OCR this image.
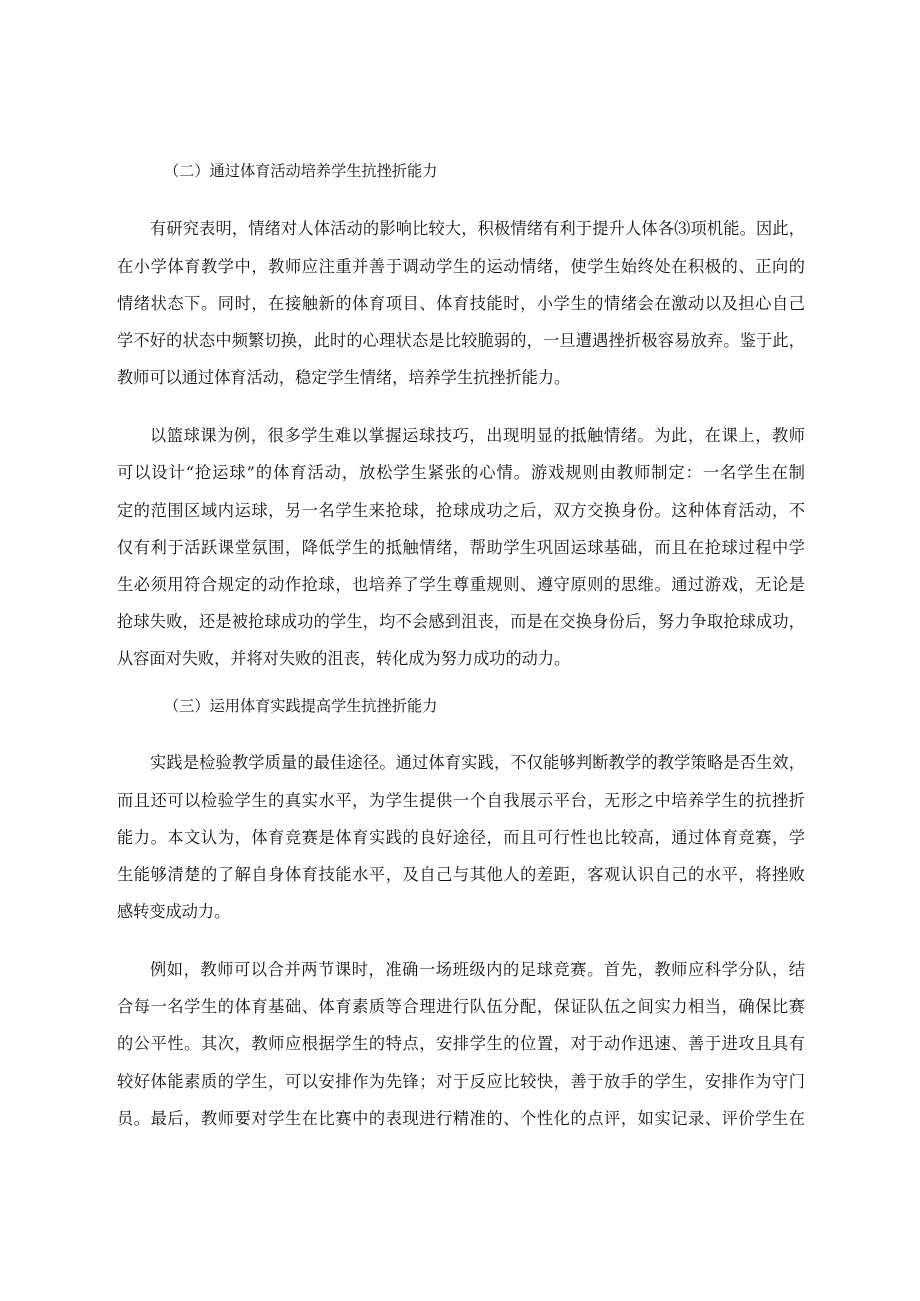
（二）通过体育活动培养学生抗挫折能力
有研究表明，情绪对人体活动的影响比较大，积极情绪有利于提升人体各⑶项机能。因此，
在小学体育教学中，教师应注重并善于调动学生的运动情绪，使学生始终处在积极的、正向的
情绪状态下。同时，在接触新的体育项目、体育技能时，小学生的情绪会在激动以及担心自己
学不好的状态中频繁切换，此时的心理状态是比较脆弱的，一旦遭遇挫折极容易放弃。鉴于此，
教师可以通过体育活动，稳定学生情绪，培养学生抗挫折能力。
以篮球课为例，很多学生难以掌握运球技巧，出现明显的抵触情绪。为此，在课上，教师
可以设计“抢运球”的体育活动，放松学生紧张的心情。游戏规则由教师制定：一名学生在制
定的范围区域内运球，另一名学生来抢球，抢球成功之后，双方交换身份。这种体育活动，不
仅有利于活跃课堂氛围，降低学生的抵触情绪，帮助学生巩固运球基础，而且在抢球过程中学
生必须用符合规定的动作抢球，也培养了学生尊重规则、遵守原则的思维。通过游戏，无论是
抢球失败，还是被抢球成功的学生，均不会感到沮丧，而是在交换身份后，努力争取抢球成功，
从容面对失败，并将对失败的沮丧，转化成为努力成功的动力。
（三）运用体育实践提高学生抗挫折能力
实践是检验教学质量的最佳途径。通过体育实践，不仅能够判断教学的教学策略是否生效，
而且还可以检验学生的真实水平，为学生提供一个自我展示平台，无形之中培养学生的抗挫折
能力。本文认为，体育竞赛是体育实践的良好途径，而且可行性也比较高，通过体育竞赛，学
生能够清楚的了解自身体育技能水平，及自己与其他人的差距，客观认识自己的水平，将挫败
感转变成动力。
例如，教师可以合并两节课时，准确一场班级内的足球竞赛。首先，教师应科学分队，结
合每一名学生的体育基础、体育素质等合理进行队伍分配，保证队伍之间实力相当，确保比赛
的公平性。其次，教师应根据学生的特点，安排学生的位置，对于动作迅速、善于进攻且具有
较好体能素质的学生，可以安排作为先锋；对于反应比较快，善于放手的学生，安排作为守门
员。最后，教师要对学生在比赛中的表现进行精准的、个性化的点评，如实记录、评价学生在
